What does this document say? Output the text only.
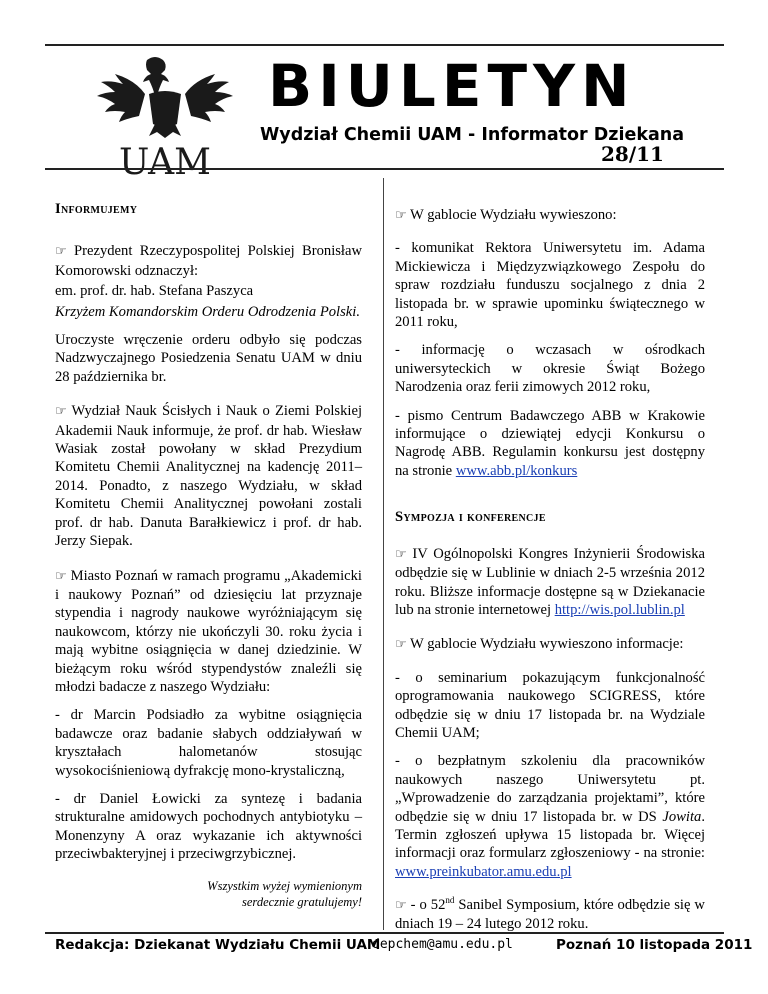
UAM
BIULETYN
Wydział Chemii UAM - Informator Dziekana
28/11
Informujemy

☞ Prezydent Rzeczypospolitej Polskiej Bronisław Komorowski odznaczył:

em. prof. dr. hab. Stefana Paszyca

Krzyżem Komandorskim Orderu Odrodzenia Polski.

Uroczyste wręczenie orderu odbyło się podczas Nadzwyczajnego Posiedzenia Senatu UAM w dniu 28 października br.

☞ Wydział Nauk Ścisłych i Nauk o Ziemi Polskiej Akademii Nauk informuje, że prof. dr hab. Wiesław Wasiak został powołany w skład Prezydium Komitetu Chemii Analitycznej na kadencję 2011–2014. Ponadto, z naszego Wydziału, w skład Komitetu Chemii Analitycznej powołani zostali prof. dr hab. Danuta Barałkiewicz i prof. dr hab. Jerzy Siepak.

☞ Miasto Poznań w ramach programu „Akademicki i naukowy Poznań” od dziesięciu lat przyznaje stypendia i nagrody naukowe wyróżniającym się naukowcom, którzy nie ukończyli 30. roku życia i mają wybitne osiągnięcia w danej dziedzinie. W bieżącym roku wśród stypendystów znaleźli się młodzi badacze z naszego Wydziału:

- dr Marcin Podsiadło za wybitne osiągnięcia badawcze oraz badanie słabych oddziaływań w kryształach halometanów stosując wysokociśnieniową dyfrakcję mono-krystaliczną,

- dr Daniel Łowicki za syntezę i badania strukturalne amidowych pochodnych antybiotyku – Monenzyny A oraz wykazanie ich aktywności przeciwbakteryjnej i przeciwgrzybicznej.

Wszystkim wyżej wymienionym
serdecznie gratulujemy!

☞ W gablocie Wydziału wywieszono:

- komunikat Rektora Uniwersytetu im. Adama Mickiewicza i Międzyzwiązkowego Zespołu do spraw rozdziału funduszu socjalnego z dnia 2 listopada br. w sprawie upominku świątecznego w 2011 roku,

- informację o wczasach w ośrodkach uniwersyteckich w okresie Świąt Bożego Narodzenia oraz ferii zimowych 2012 roku,

- pismo Centrum Badawczego ABB w Krakowie informujące o dziewiątej edycji Konkursu o Nagrodę ABB. Regulamin konkursu jest dostępny na stronie www.abb.pl/konkurs

Sympozja i konferencje

☞ IV Ogólnopolski Kongres Inżynierii Środowiska odbędzie się w Lublinie w dniach 2-5 września 2012 roku. Bliższe informacje dostępne są w Dziekanacie lub na stronie internetowej http://wis.pol.lublin.pl

☞ W gablocie Wydziału wywieszono informacje:

- o seminarium pokazującym funkcjonalność oprogramowania naukowego SCIGRESS, które odbędzie się w dniu 17 listopada br. na Wydziale Chemii UAM;

- o bezpłatnym szkoleniu dla pracowników naukowych naszego Uniwersytetu pt. „Wprowadzenie do zarządzania projektami”, które odbędzie się w dniu 17 listopada br. w DS Jowita. Termin zgłoszeń upływa 15 listopada br. Więcej informacji oraz formularz zgłoszeniowy - na stronie: www.preinkubator.amu.edu.pl

☞ - o 52nd Sanibel Symposium, które odbędzie się w dniach 19 – 24 lutego 2012 roku.

Redakcja: Dziekanat Wydziału Chemii UAM
depchem@amu.edu.pl	Poznań 10 listopada 2011
